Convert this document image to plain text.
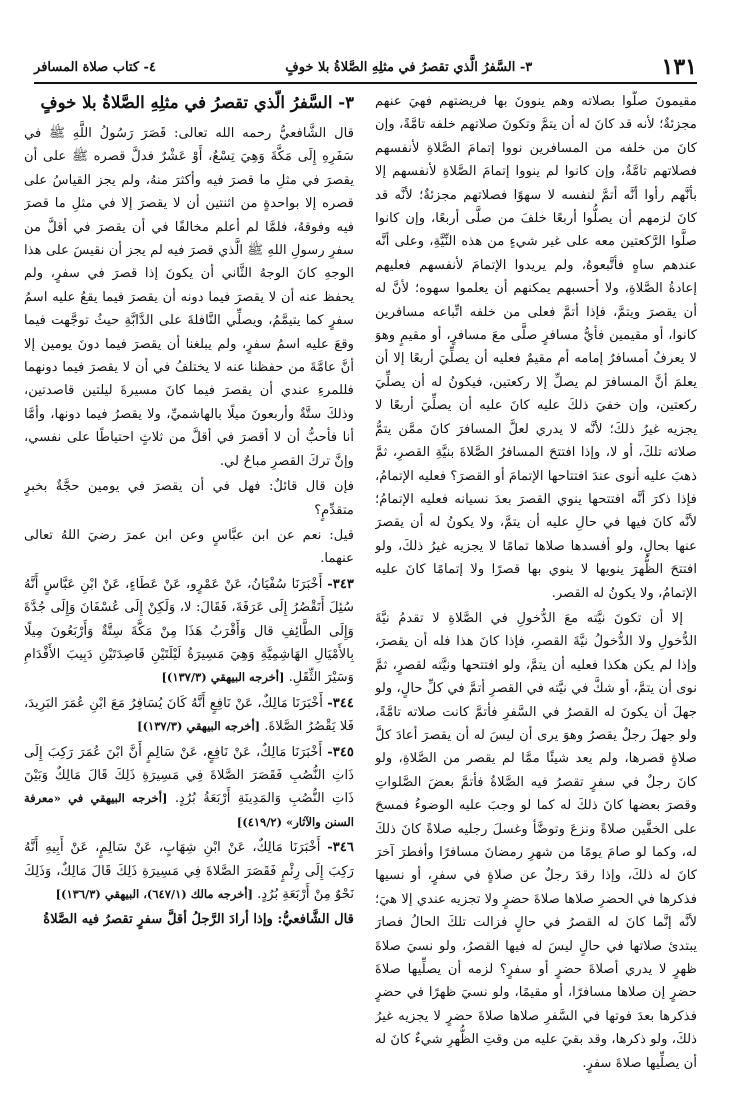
١٣١
٣- السَّفرُ الَّذي تقصرُ في مثلِهِ الصَّلاةُ بلا خوفٍ
٤- كتاب صلاة المسافر

مقيمونَ صلَّوا بصلاته وهم ينوونَ بها فريضتهم فهيَ عنهم مجزئةٌ؛ لأنه قد كانَ له أن يتمَّ وتكونَ صلاتهم خلفه تامَّةً، وإن كانَ من خلفه من المسافرين نووا إتمامَ الصَّلاةِ لأنفسهم فصلاتهم تامَّةٌ، وإن كانوا لم ينووا إتمامَ الصَّلاةِ لأنفسهم إلا بأنَّهم رأوا أنَّه أتمَّ لنفسه لا سهوًا فصلاتهم مجزئةٌ؛ لأنَّه قد كانَ لزمهم أن يصلُّوا أربعًا خلفَ من صلَّى أربعًا، وإن كانوا صلَّوا الرَّكعتين معه على غير شيءٍ من هذه النِّيَّةِ، وعلى أنَّه عندهم ساهٍ فأتَّبعوهُ، ولم يريدوا الإتمامَ لأنفسهم فعليهم إعادةُ الصَّلاةِ، ولا أحسبهم يمكنهم أن يعلموا سهوه؛ لأنَّ له أن يقصرَ ويتمَّ، فإذا أتمَّ فعلى من خلفه اتِّباعه مسافرين كانوا، أو مقيمين فأيُّ مسافرٍ صلَّى معَ مسافرٍ، أو مقيمٍ وهوَ لا يعرفُ أمسافرٌ إمامه أم مقيمٌ فعليه أن يصلِّيَ أربعًا إلا أن يعلمَ أنَّ المسافرَ لم يصلِّ إلا ركعتين، فيكونُ له أن يصلِّيَ ركعتين، وإن خفيَ ذلكَ عليه كانَ عليه أن يصلِّيَ أربعًا لا يجزيه غيرُ ذلكَ؛ لأنَّه لا يدري لعلَّ المسافرَ كانَ ممَّن يتمُّ صلاته تلكَ، أو لا، وإذا افتتحَ المسافرُ الصَّلاةَ بنيَّةِ القصرِ، ثمَّ ذهبَ عليه أنوى عندَ افتتاحها الإتمامَ أو القصرَ؟ فعليه الإتمامُ، فإذا ذكرَ أنَّه افتتحها ينوي القصرَ بعدَ نسيانه فعليه الإتمامُ؛ لأنَّه كانَ فيها في حالِ عليه أن يتمَّ، ولا يكونُ له أن يقصرَ عنها بحالٍ، ولو أفسدها صلاها تمامًا لا يجزيه غيرُ ذلكَ، ولو افتتحَ الظُّهرَ ينويها لا ينوي بها قصرًا ولا إتمامًا كانَ عليه الإتمامُ، ولا يكونُ له القصر.

إلا أن تكونَ نيَّته معَ الدُّخولِ في الصَّلاةِ لا تقدمُ نيَّةَ الدُّخولِ ولا الدُّخولُ نيَّةَ القصرِ، فإذا كانَ هذا فله أن يقصرَ، وإذا لم يكن هكذا فعليه أن يتمَّ، ولو افتتحها ونيَّته لقصرٍ، ثمَّ نوى أن يتمَّ، أو شكَّ في نيَّته في القصرِ أتمَّ في كلِّ حالٍ، ولو جهلَ أن يكونَ له القصرُ في السَّفرِ فأتمَّ كانت صلاته تامَّةً، ولو جهلَ رجلٌ يقصرُ وهوَ يرى أن ليسَ له أن يقصرَ أعادَ كلَّ صلاةٍ قصرها، ولم يعد شيئًا ممَّا لم يقصر من الصَّلاةِ، ولو كانَ رجلٌ في سفرٍ تقصرُ فيه الصَّلاةُ فأتمَّ بعضَ الصَّلواتِ وقصرَ بعضها كانَ ذلكَ له كما لو وجبَ عليه الوضوءُ فمسحَ على الخفَّين صلاةً ونزعَ وتوضَّأ وغسلَ رجليه صلاةً كانَ ذلكَ له، وكما لو صامَ يومًا من شهرِ رمضانَ مسافرًا وأفطرَ آخرَ كانَ له ذلكَ، وإذا رقدَ رجلٌ عن صلاةٍ في سفرٍ، أو نسيها فذكرها في الحضرِ صلاها صلاةَ حضرٍ ولا تجزيه عندي إلا هيَ؛ لأنَّه إنَّما كانَ له القصرُ في حالٍ فزالت تلكَ الحالُ فصارَ يبتدئ صلاتها في حالٍ ليسَ له فيها القصرُ، ولو نسيَ صلاةَ ظهرٍ لا يدري أصلاةَ حضرٍ أو سفرٍ؟ لزمه أن يصلِّيها صلاةَ حضرٍ إن صلاها مسافرًا، أو مقيمًا، ولو نسيَ ظهرًا في حضرٍ فذكرها بعدَ فوتها في السَّفرِ صلاها صلاةَ حضرٍ لا يجزيه غيرُ ذلكَ، ولو ذكرها، وقد بقيَ عليه من وقتِ الظُّهرِ شيءٌ كانَ له أن يصلِّيها صلاةَ سفرٍ.

٣- السَّفرُ الَّذي تقصرُ في مثلِهِ الصَّلاةُ بلا خوفٍ

قال الشَّافعيُّ رحمه الله تعالى: قَصَرَ رَسُولُ اللَّهِ ﷺ في سَفَرِهِ إِلَى مَكَّةَ وَهِيَ تِسْعٌ، أَوْ عَشْرٌ فدلَّ قصره ﷺ على أن يقصرَ في مثلِ ما قصرَ فيه وأكثرَ منهُ، ولم يجز القياسُ على قصره إلا بواحدةٍ من اثنتين أن لا يقصرَ إلا في مثلِ ما قصرَ فيه وفوقهُ، فلمَّا لم أعلم مخالفًا في أن يقصرَ في أقلَّ من سفرِ رسولِ اللهِ ﷺ الَّذي قصرَ فيه لم يجز أن نقيسَ على هذا الوجهِ كانَ الوجهُ الثَّاني أن يكونَ إذا قصرَ في سفرٍ، ولم يحفظ عنه أن لا يقصرَ فيما دونه أن يقصرَ فيما يقعُ عليه اسمُ سفرٍ كما يتيمَّمُ، ويصلِّي النَّافلةَ على الدَّابَّةِ حيثُ توجَّهت فيما وقعَ عليه اسمُ سفرٍ، ولم يبلغنا أن يقصرَ فيما دونَ يومين إلا أنَّ عامَّةَ من حفظنا عنه لا يختلفُ في أن لا يقصرَ فيما دونهما فللمرءِ عندي أن يقصرَ فيما كانَ مسيرةَ ليلتين قاصدتين، وذلكَ ستَّةٌ وأربعونَ ميلًا بالهاشميِّ، ولا يقصرُ فيما دونها، وأمَّا أنا فأحبُّ أن لا أقصرَ في أقلَّ من ثلاثٍ احتياطًا على نفسي، وإنَّ تركَ القصرِ مباحٌ لي.

فإن قال قائلٌ: فهل في أن يقصرَ في يومين حجَّةٌ بخبرٍ متقدِّمٍ؟

قيل: نعم عن ابن عبَّاسٍ وعن ابن عمرَ رضيَ اللهُ تعالى عنهما.

٣٤٣- أَخْبَرَنَا سُفْيَانُ، عَنْ عَمْرٍو، عَنْ عَطَاءٍ، عَنْ ابْنِ عَبَّاسٍ أَنَّهُ سُئِلَ أَنَقْصُرُ إِلَى عَرَفَةَ، فَقَالَ: لا، وَلَكِنْ إِلَى عُسْفَانَ وَإِلَى جُدَّةَ وَإِلَى الطَّائِفِ قال وَأَقْرَبُ هَذَا مِنْ مَكَّةَ سِتَّةٌ وَأَرْبَعُونَ مِيلًا بِالأَمْيَالِ الهَاشِمِيَّةِ وَهِيَ مَسِيرَةُ لَيْلَتَيْنِ قَاصِدَتَيْنِ دَبِيبَ الأَقْدَامِ وَسَيْرَ الثِّقَلِ. [أخرجه البيهقي (١٣٧/٣)]

٣٤٤- أَخْبَرَنَا مَالِكٌ، عَنْ نَافِعٍ أَنَّهُ كَانَ يُسَافِرُ مَعَ ابْنِ عُمَرَ البَرِيدَ، فَلا يَقْصُرُ الصَّلاةَ. [أخرجه البيهقي (١٣٧/٣)]

٣٤٥- أَخْبَرَنَا مَالِكٌ، عَنْ نَافِعٍ، عَنْ سَالِمٍ أَنَّ ابْنَ عُمَرَ رَكِبَ إِلَى ذَاتِ النُّصُبِ فَقَصَرَ الصَّلاةَ فِي مَسِيرَةِ ذَلِكَ قَالَ مَالِكٌ وَبَيْنَ ذَاتِ النُّصُبِ وَالمَدِينَةِ أَرْبَعَةُ بُرُدٍ. [أخرجه البيهقي في «معرفة السنن والآثار» (٤١٩/٢)]

٣٤٦- أَخْبَرَنَا مَالِكٌ، عَنْ ابْنِ شِهَابٍ، عَنْ سَالِمٍ، عَنْ أَبِيهِ أَنَّهُ رَكِبَ إِلَى رِئْمٍ فَقَصَرَ الصَّلاةَ فِي مَسِيرَةِ ذَلِكَ قَالَ مَالِكٌ، وَذَلِكَ نَحْوٌ مِنْ أَرْبَعَةِ بُرُدٍ. [أخرجه مالك (٦٤٧/١)، البيهقي (١٣٦/٣)]

قال الشَّافعيُّ: وإذا أرادَ الرَّجلُ أقلَّ سفرٍ تقصرُ فيه الصَّلاةُ
